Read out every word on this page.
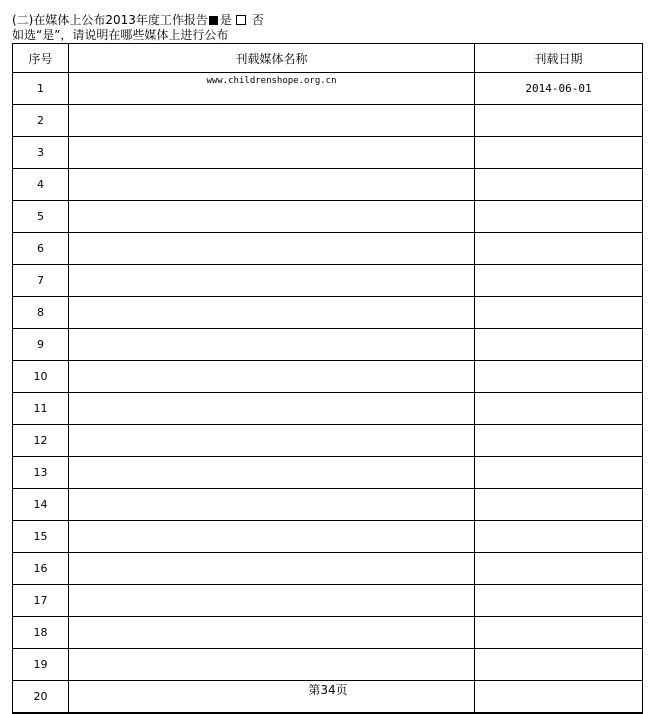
(二)在媒体上公布2013年度工作报告 是 否
如选“是”，请说明在哪些媒体上进行公布
序号	刊载媒体名称	刊载日期
1	www.childrenshope.org.cn	2014-06-01
2		
3		
4		
5		
6		
7		
8		
9		
10		
11		
12		
13		
14		
15		
16		
17		
18		
19		
20			第34页
